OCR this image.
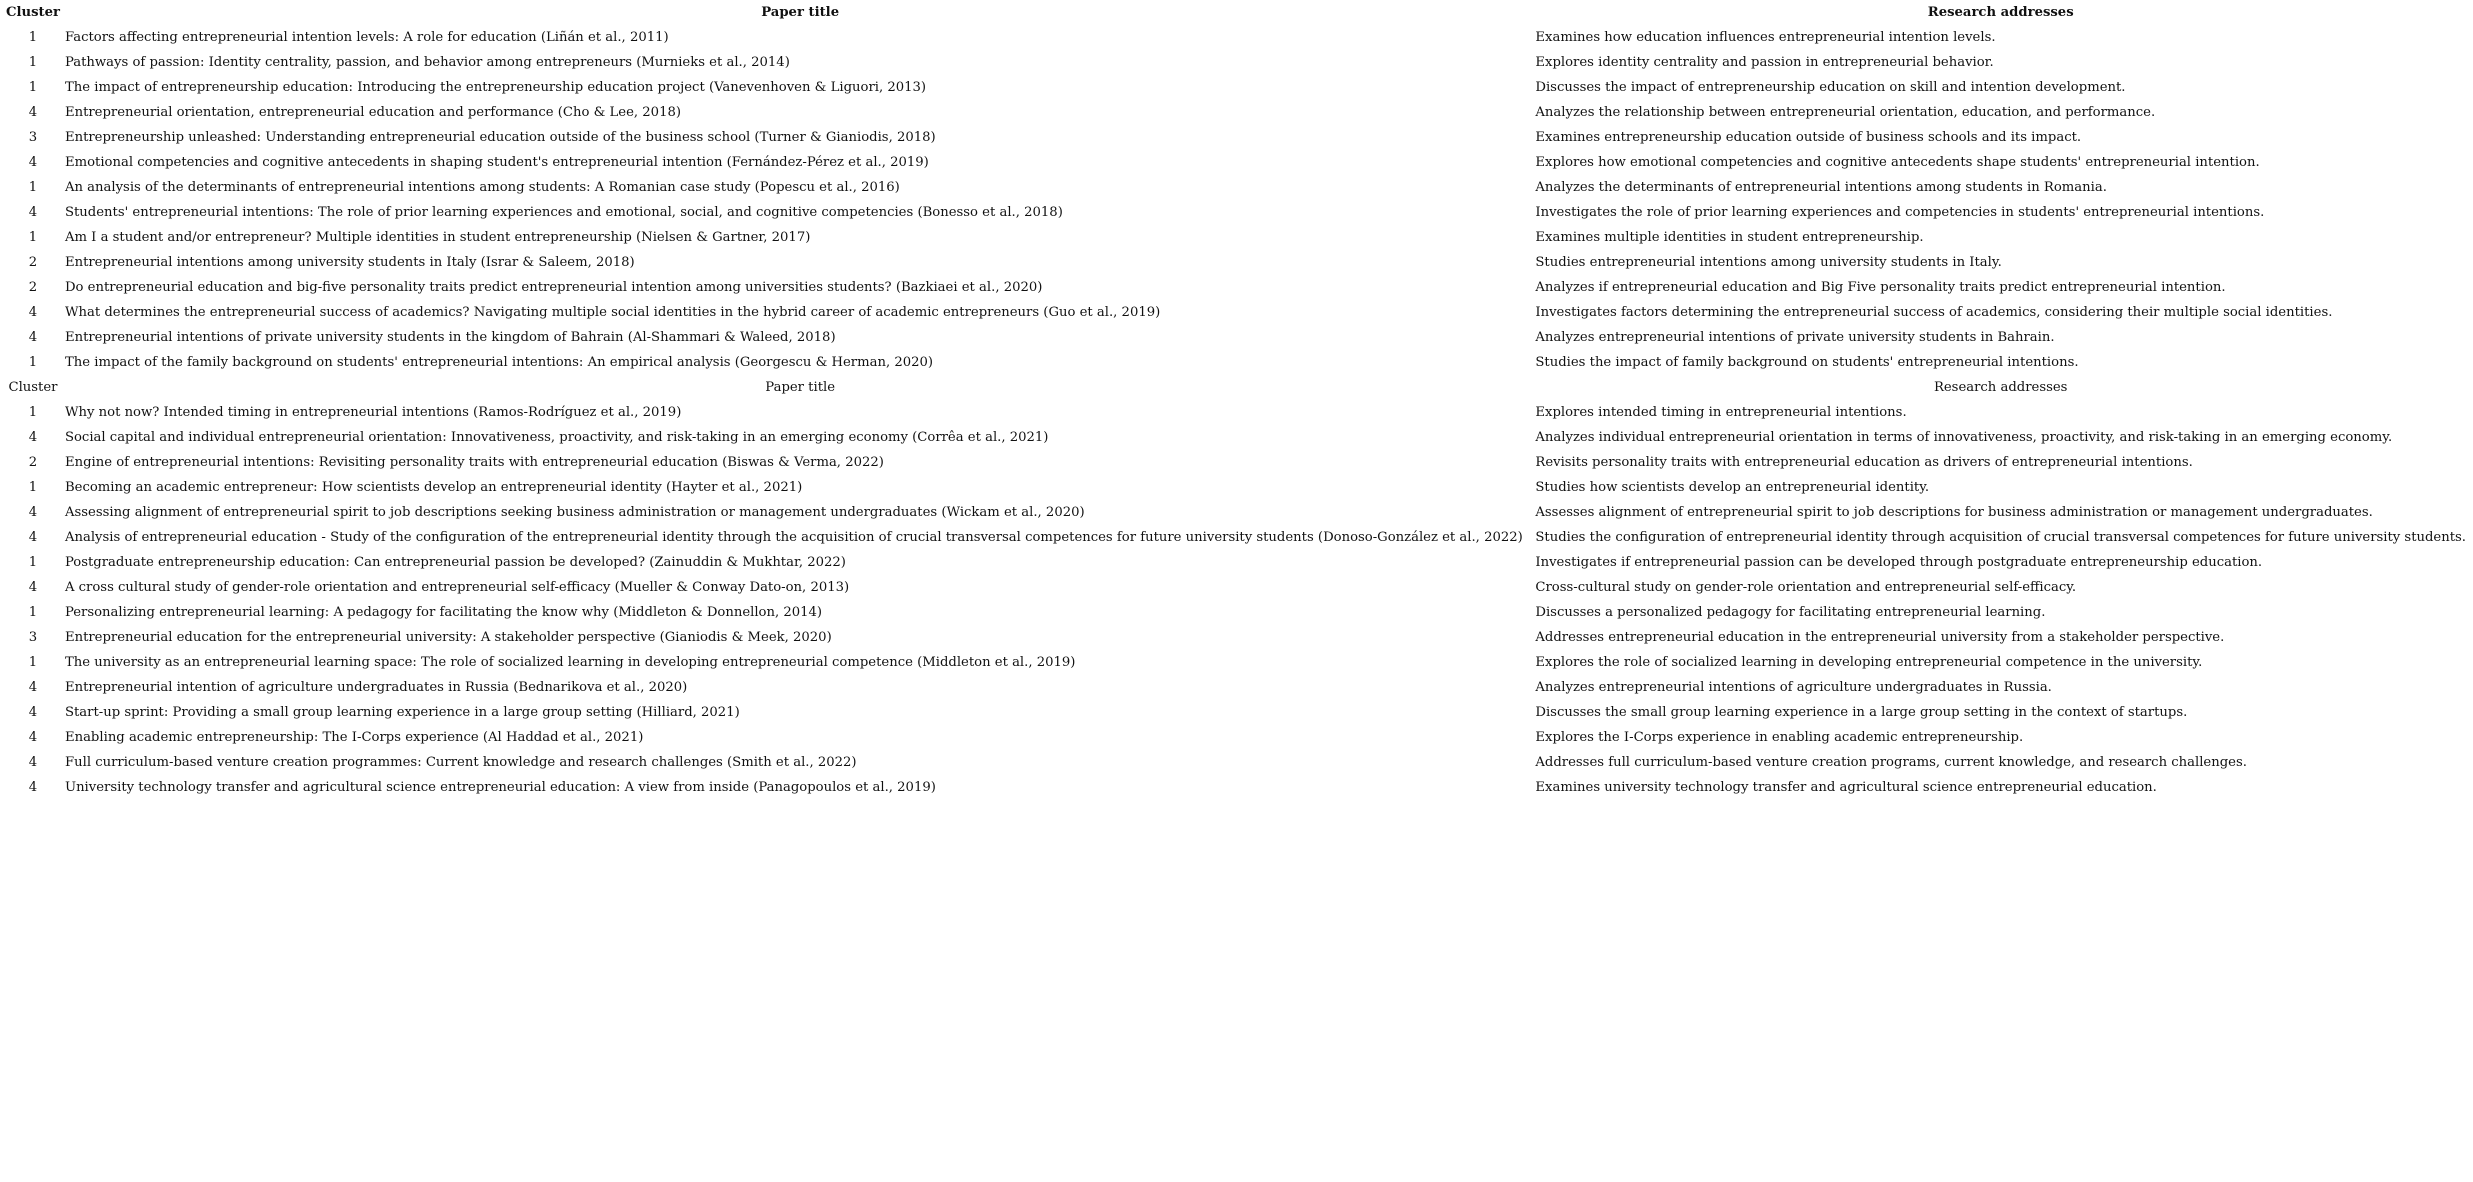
Cluster	Paper title	Research addresses
1	Factors affecting entrepreneurial intention levels: A role for education (Liñán et al., 2011)	Examines how education influences entrepreneurial intention levels.
1	Pathways of passion: Identity centrality, passion, and behavior among entrepreneurs (Murnieks et al., 2014)	Explores identity centrality and passion in entrepreneurial behavior.
1	The impact of entrepreneurship education: Introducing the entrepreneurship education project (Vanevenhoven & Liguori, 2013)	Discusses the impact of entrepreneurship education on skill and intention development.
4	Entrepreneurial orientation, entrepreneurial education and performance (Cho & Lee, 2018)	Analyzes the relationship between entrepreneurial orientation, education, and performance.
3	Entrepreneurship unleashed: Understanding entrepreneurial education outside of the business school (Turner & Gianiodis, 2018)	Examines entrepreneurship education outside of business schools and its impact.
4	Emotional competencies and cognitive antecedents in shaping student's entrepreneurial intention (Fernández-Pérez et al., 2019)	Explores how emotional competencies and cognitive antecedents shape students' entrepreneurial intention.
1	An analysis of the determinants of entrepreneurial intentions among students: A Romanian case study (Popescu et al., 2016)	Analyzes the determinants of entrepreneurial intentions among students in Romania.
4	Students' entrepreneurial intentions: The role of prior learning experiences and emotional, social, and cognitive competencies (Bonesso et al., 2018)	Investigates the role of prior learning experiences and competencies in students' entrepreneurial intentions.
1	Am I a student and/or entrepreneur? Multiple identities in student entrepreneurship (Nielsen & Gartner, 2017)	Examines multiple identities in student entrepreneurship.
2	Entrepreneurial intentions among university students in Italy (Israr & Saleem, 2018)	Studies entrepreneurial intentions among university students in Italy.
2	Do entrepreneurial education and big-five personality traits predict entrepreneurial intention among universities students? (Bazkiaei et al., 2020)	Analyzes if entrepreneurial education and Big Five personality traits predict entrepreneurial intention.
4	What determines the entrepreneurial success of academics? Navigating multiple social identities in the hybrid career of academic entrepreneurs (Guo et al., 2019)	Investigates factors determining the entrepreneurial success of academics, considering their multiple social identities.
4	Entrepreneurial intentions of private university students in the kingdom of Bahrain (Al-Shammari & Waleed, 2018)	Analyzes entrepreneurial intentions of private university students in Bahrain.
1	The impact of the family background on students' entrepreneurial intentions: An empirical analysis (Georgescu & Herman, 2020)	Studies the impact of family background on students' entrepreneurial intentions.
Cluster	Paper title	Research addresses
1	Why not now? Intended timing in entrepreneurial intentions (Ramos-Rodríguez et al., 2019)	Explores intended timing in entrepreneurial intentions.
4	Social capital and individual entrepreneurial orientation: Innovativeness, proactivity, and risk-taking in an emerging economy (Corrêa et al., 2021)	Analyzes individual entrepreneurial orientation in terms of innovativeness, proactivity, and risk-taking in an emerging economy.
2	Engine of entrepreneurial intentions: Revisiting personality traits with entrepreneurial education (Biswas & Verma, 2022)	Revisits personality traits with entrepreneurial education as drivers of entrepreneurial intentions.
1	Becoming an academic entrepreneur: How scientists develop an entrepreneurial identity (Hayter et al., 2021)	Studies how scientists develop an entrepreneurial identity.
4	Assessing alignment of entrepreneurial spirit to job descriptions seeking business administration or management undergraduates (Wickam et al., 2020)	Assesses alignment of entrepreneurial spirit to job descriptions for business administration or management undergraduates.
4	Analysis of entrepreneurial education - Study of the configuration of the entrepreneurial identity through the acquisition of crucial transversal competences for future university students (Donoso-González et al., 2022)	Studies the configuration of entrepreneurial identity through acquisition of crucial transversal competences for future university students.
1	Postgraduate entrepreneurship education: Can entrepreneurial passion be developed? (Zainuddin & Mukhtar, 2022)	Investigates if entrepreneurial passion can be developed through postgraduate entrepreneurship education.
4	A cross cultural study of gender-role orientation and entrepreneurial self-efficacy (Mueller & Conway Dato-on, 2013)	Cross-cultural study on gender-role orientation and entrepreneurial self-efficacy.
1	Personalizing entrepreneurial learning: A pedagogy for facilitating the know why (Middleton & Donnellon, 2014)	Discusses a personalized pedagogy for facilitating entrepreneurial learning.
3	Entrepreneurial education for the entrepreneurial university: A stakeholder perspective (Gianiodis & Meek, 2020)	Addresses entrepreneurial education in the entrepreneurial university from a stakeholder perspective.
1	The university as an entrepreneurial learning space: The role of socialized learning in developing entrepreneurial competence (Middleton et al., 2019)	Explores the role of socialized learning in developing entrepreneurial competence in the university.
4	Entrepreneurial intention of agriculture undergraduates in Russia (Bednarikova et al., 2020)	Analyzes entrepreneurial intentions of agriculture undergraduates in Russia.
4	Start-up sprint: Providing a small group learning experience in a large group setting (Hilliard, 2021)	Discusses the small group learning experience in a large group setting in the context of startups.
4	Enabling academic entrepreneurship: The I-Corps experience (Al Haddad et al., 2021)	Explores the I-Corps experience in enabling academic entrepreneurship.
4	Full curriculum-based venture creation programmes: Current knowledge and research challenges (Smith et al., 2022)	Addresses full curriculum-based venture creation programs, current knowledge, and research challenges.
4	University technology transfer and agricultural science entrepreneurial education: A view from inside (Panagopoulos et al., 2019)	Examines university technology transfer and agricultural science entrepreneurial education.
